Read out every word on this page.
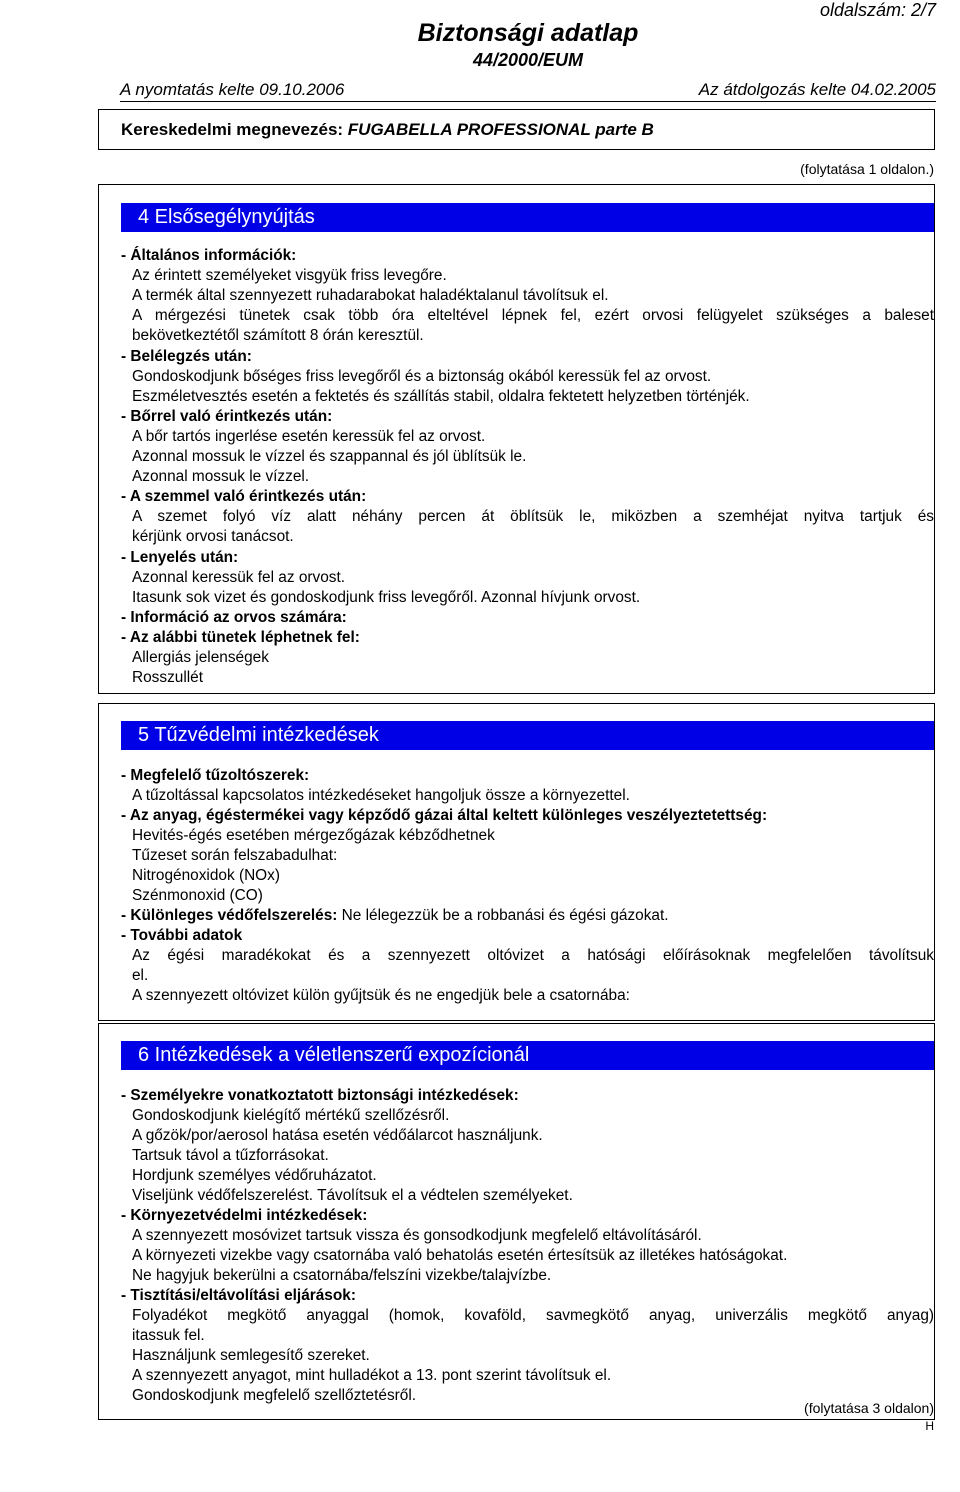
oldalszám: 2/7
Biztonsági adatlap
44/2000/EUM
A nyomtatás kelte 09.10.2006	Az átdolgozás kelte 04.02.2005
Kereskedelmi megnevezés: FUGABELLA PROFESSIONAL parte B
(folytatása 1 oldalon.)
4 Elsősegélynyújtás
- Általános információk:
Az érintett személyeket visgyük friss levegőre.
A termék által szennyezett ruhadarabokat haladéktalanul távolítsuk el.
A mérgezési tünetek csak több óra elteltével lépnek fel, ezért orvosi felügyelet szükséges a baleset
bekövetkeztétől számított 8 órán keresztül.
- Belélegzés után:
Gondoskodjunk bőséges friss levegőről és a biztonság okából keressük fel az orvost.
Eszméletvesztés esetén a fektetés és szállítás stabil, oldalra fektetett helyzetben történjék.
- Bőrrel való érintkezés után:
A bőr tartós ingerlése esetén keressük fel az orvost.
Azonnal mossuk le vízzel és szappannal és jól üblítsük le.
Azonnal mossuk le vízzel.
- A szemmel való érintkezés után:
A szemet folyó víz alatt néhány percen át öblítsük le, miközben a szemhéjat nyitva tartjuk és
kérjünk orvosi tanácsot.
- Lenyelés után:
Azonnal keressük fel az orvost.
Itasunk sok vizet és gondoskodjunk friss levegőről. Azonnal hívjunk orvost.
- Információ az orvos számára:
- Az alábbi tünetek léphetnek fel:
Allergiás jelenségek
Rosszullét
5 Tűzvédelmi intézkedések
- Megfelelő tűzoltószerek:
A tűzoltással kapcsolatos intézkedéseket hangoljuk össze a környezettel.
- Az anyag, égéstermékei vagy képződő gázai által keltett különleges veszélyeztetettség:
Hevités-égés esetében mérgezőgázak kébződhetnek
Tűzeset során felszabadulhat:
Nitrogénoxidok (NOx)
Szénmonoxid (CO)
- Különleges védőfelszerelés: Ne lélegezzük be a robbanási és égési gázokat.
- További adatok
Az égési maradékokat és a szennyezett oltóvizet a hatósági előírásoknak megfelelően távolítsuk
el.
A szennyezett oltóvizet külön gyűjtsük és ne engedjük bele a csatornába:
6 Intézkedések a véletlenszerű expozícionál
- Személyekre vonatkoztatott biztonsági intézkedések:
Gondoskodjunk kielégítő mértékű szellőzésről.
A gőzök/por/aerosol hatása esetén védőálarcot használjunk.
Tartsuk távol a tűzforrásokat.
Hordjunk személyes védőruházatot.
Viseljünk védőfelszerelést. Távolítsuk el a védtelen személyeket.
- Környezetvédelmi intézkedések:
A szennyezett mosóvizet tartsuk vissza és gonsodkodjunk megfelelő eltávolításáról.
A környezeti vizekbe vagy csatornába való behatolás esetén értesítsük az illetékes hatóságokat.
Ne hagyjuk bekerülni a csatornába/felszíni vizekbe/talajvízbe.
- Tisztítási/eltávolítási eljárások:
Folyadékot megkötő anyaggal (homok, kovaföld, savmegkötő anyag, univerzális megkötő anyag)
itassuk fel.
Használjunk semlegesítő szereket.
A szennyezett anyagot, mint hulladékot a 13. pont szerint távolítsuk el.
Gondoskodjunk megfelelő szellőztetésről.
(folytatása 3 oldalon)
H
